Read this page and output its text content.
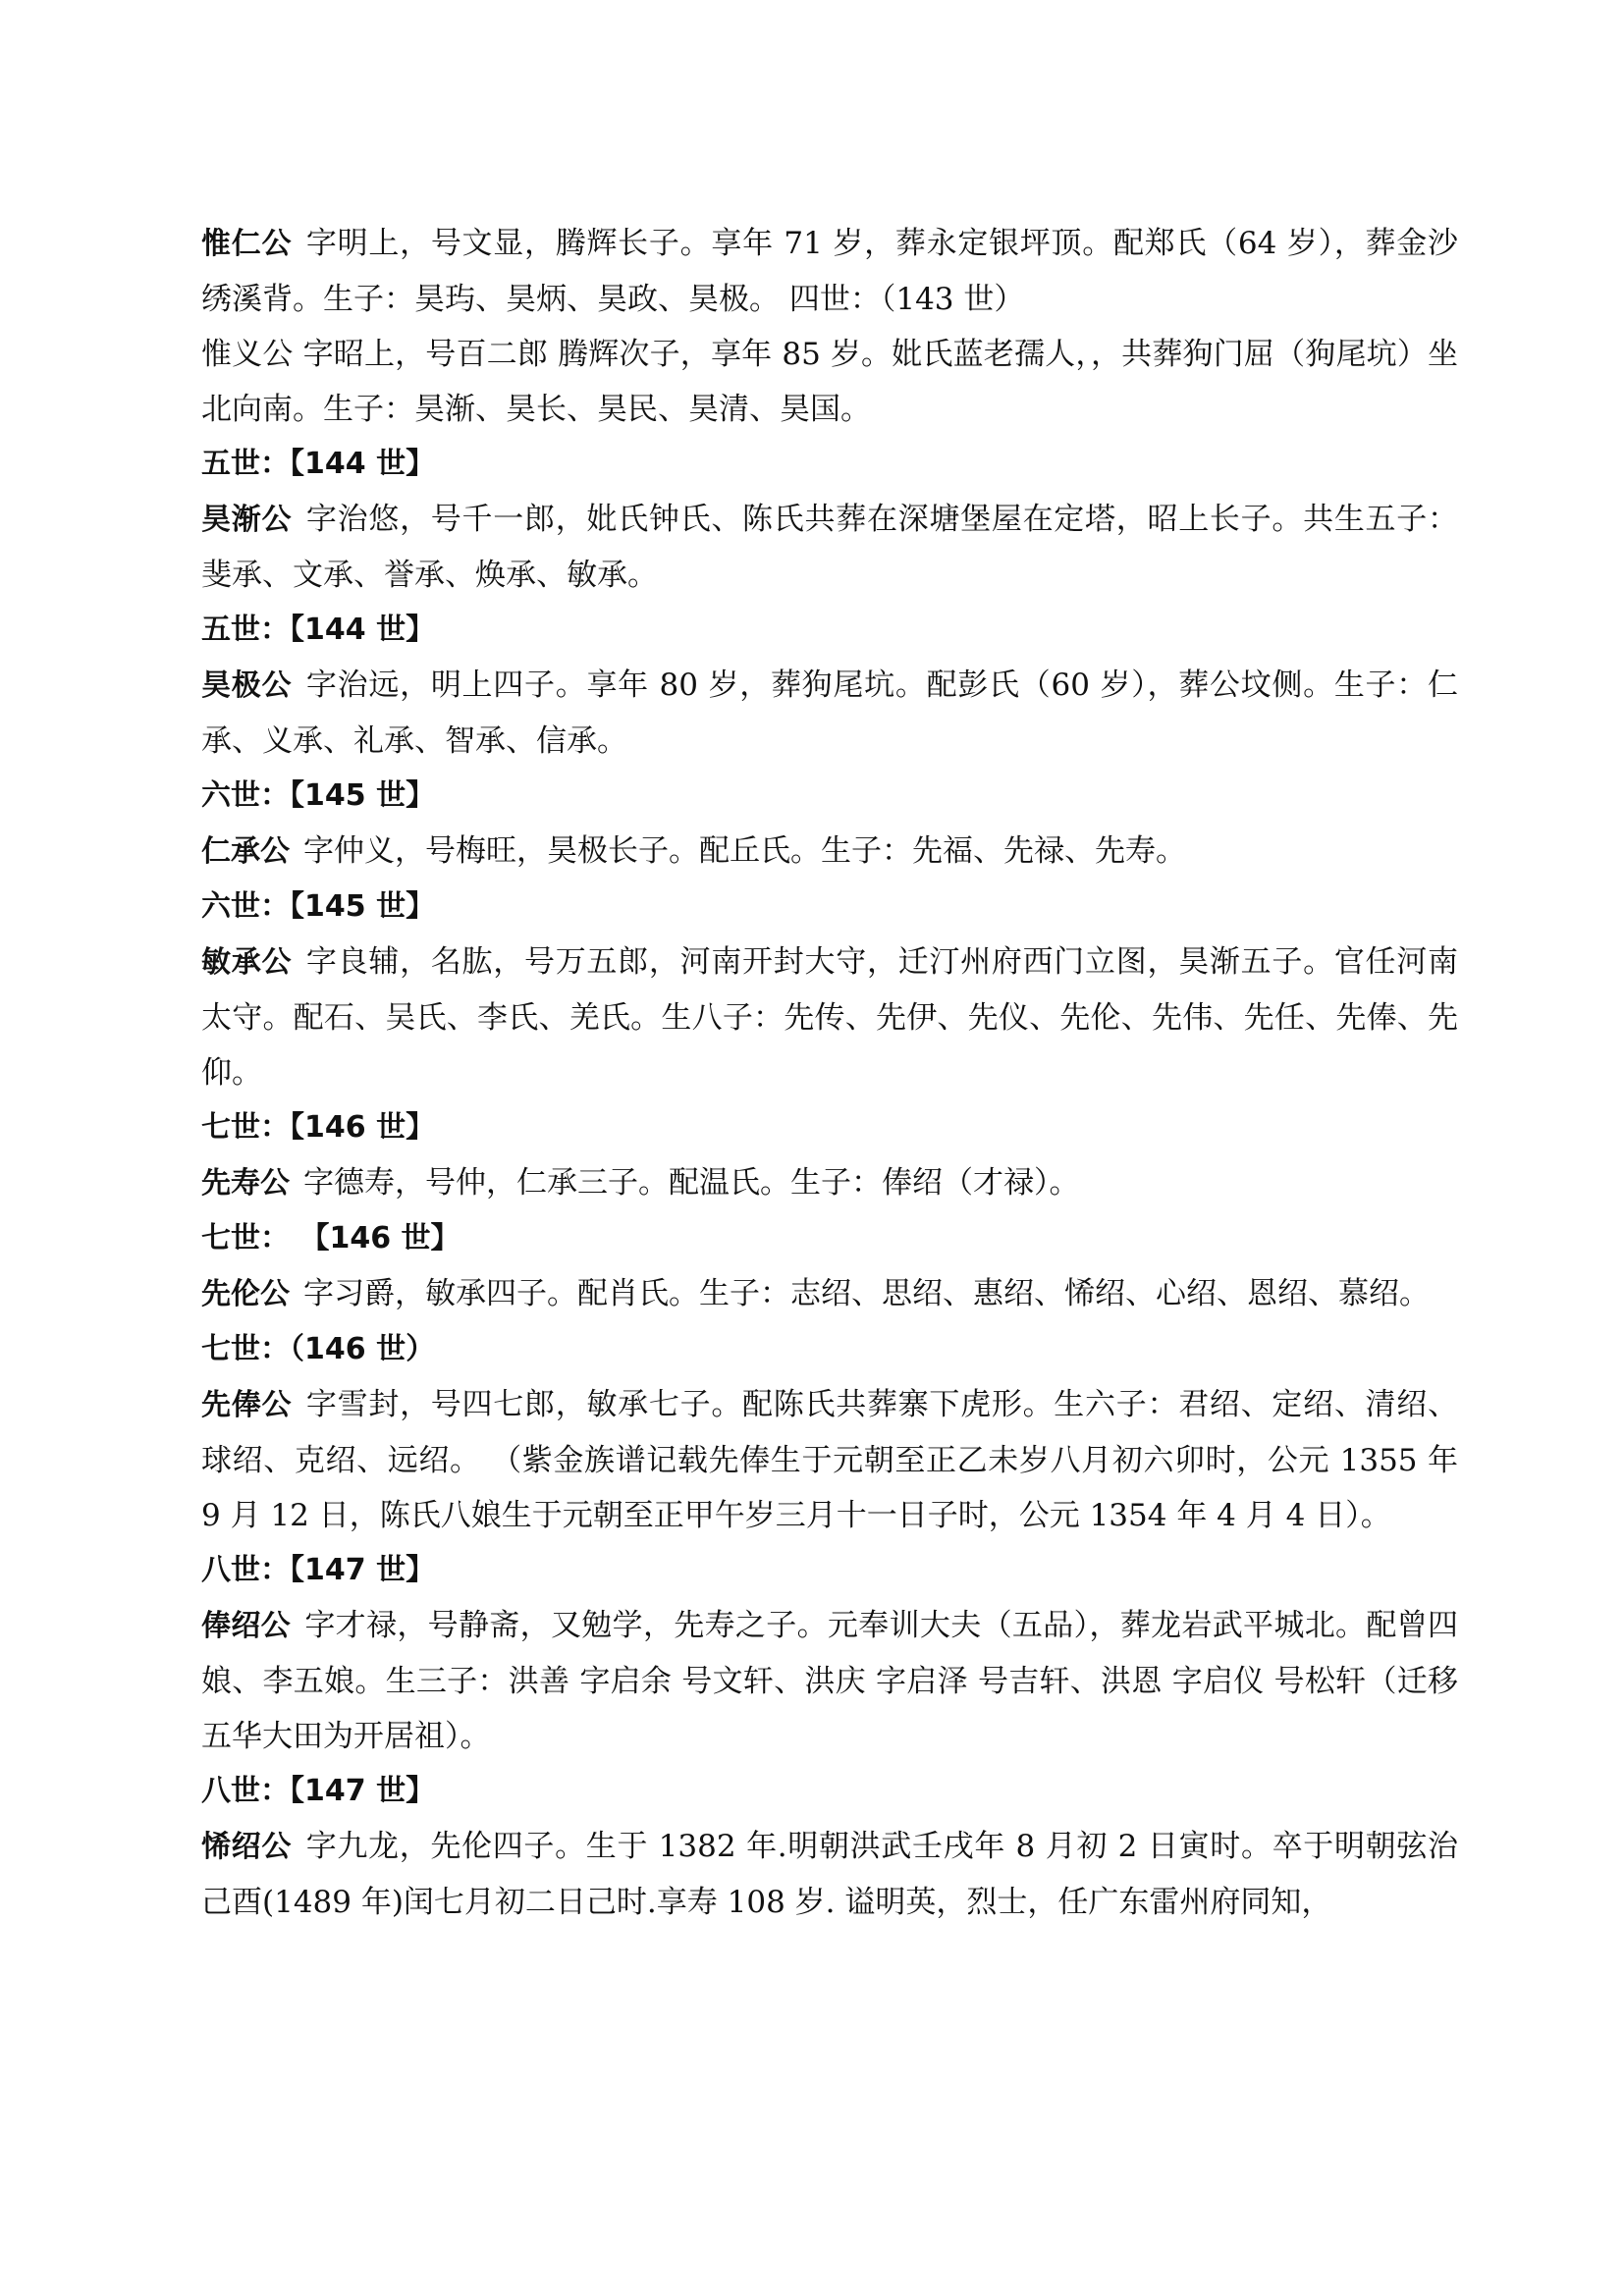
惟仁公 字明上，号文显，腾辉长子。享年 71 岁，葬永定银坪顶。配郑氏（64 岁），葬金沙绣溪背。生子：昊玙、昊炳、昊政、昊极。 四世：（143 世）

惟义公 字昭上，号百二郎 腾辉次子，享年 85 岁。妣氏蓝老孺人，，共葬狗门屈（狗尾坑）坐北向南。生子：昊渐、昊长、昊民、昊清、昊国。

五世：【144 世】

昊渐公 字治悠，号千一郎，妣氏钟氏、陈氏共葬在深塘堡屋在定塔，昭上长子。共生五子：斐承、文承、誉承、焕承、敏承。

五世：【144 世】

昊极公 字治远，明上四子。享年 80 岁，葬狗尾坑。配彭氏（60 岁），葬公坟侧。生子：仁承、义承、礼承、智承、信承。

六世：【145 世】

仁承公 字仲义，号梅旺，昊极长子。配丘氏。生子：先福、先禄、先寿。

六世：【145 世】

敏承公 字良辅，名肱，号万五郎，河南开封大守，迁汀州府西门立图，昊渐五子。官任河南太守。配石、吴氏、李氏、羌氏。生八子：先传、先伊、先仪、先伦、先伟、先任、先俸、先仰。

七世：【146 世】

先寿公 字德寿，号仲，仁承三子。配温氏。生子：俸绍（才禄）。

七世： 【146 世】

先伦公 字习爵，敏承四子。配肖氏。生子：志绍、思绍、惠绍、悕绍、心绍、恩绍、慕绍。

七世：（146 世）

先俸公 字雪封，号四七郎，敏承七子。配陈氏共葬寨下虎形。生六子：君绍、定绍、清绍、球绍、克绍、远绍。 （紫金族谱记载先俸生于元朝至正乙未岁八月初六卯时，公元 1355 年 9 月 12 日，陈氏八娘生于元朝至正甲午岁三月十一日子时，公元 1354 年 4 月 4 日）。

八世：【147 世】

俸绍公 字才禄，号静斋，又勉学，先寿之子。元奉训大夫（五品），葬龙岩武平城北。配曾四娘、李五娘。生三子：洪善 字启余 号文轩、洪庆 字启泽 号吉轩、洪恩 字启仪 号松轩（迁移五华大田为开居祖）。

八世：【147 世】

悕绍公 字九龙，先伦四子。生于 1382 年.明朝洪武壬戌年 8 月初 2 日寅时。卒于明朝弦治己酉(1489 年)闰七月初二日己时.享寿 108 岁. 谥明英，烈士，任广东雷州府同知，
